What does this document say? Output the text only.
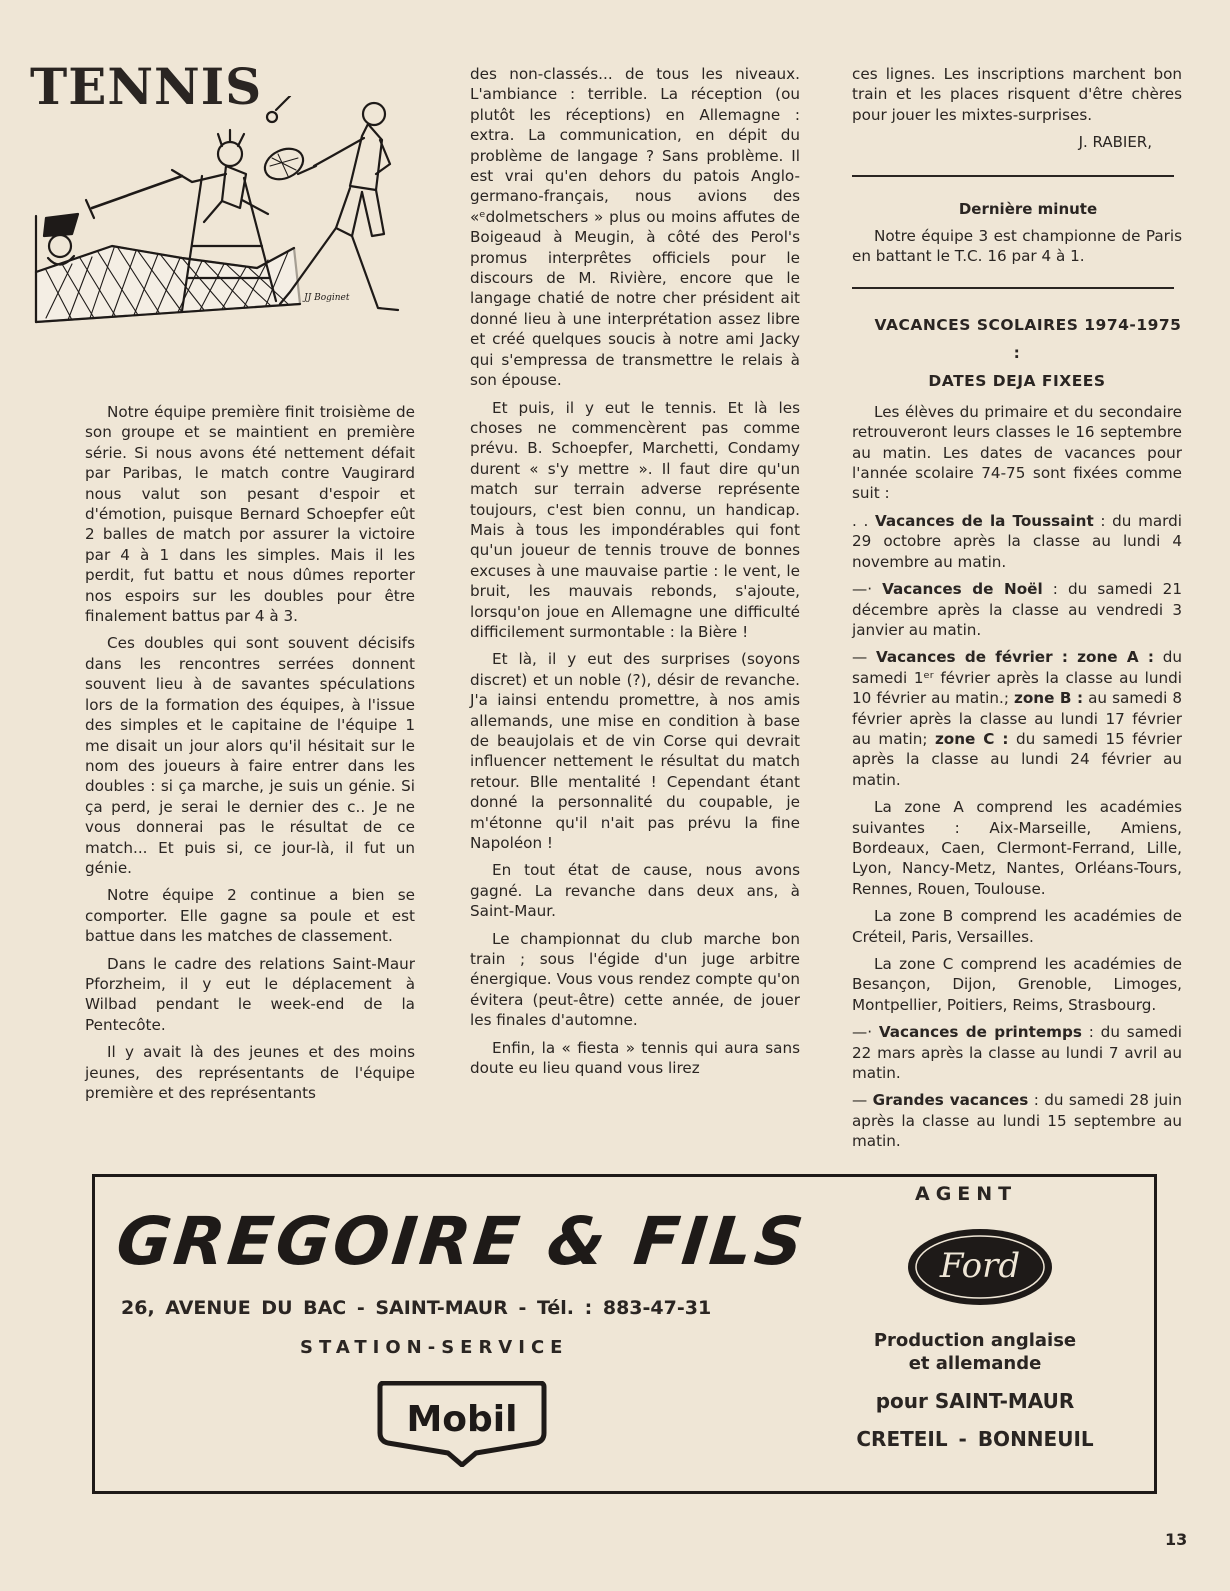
TENNIS
JJ Boginet

Notre équipe première finit troisième de son groupe et se maintient en première série. Si nous avons été nettement défait par Paribas, le match contre Vaugirard nous valut son pesant d'espoir et d'émotion, puisque Bernard Schoepfer eût 2 balles de match por assurer la victoire par 4 à 1 dans les simples. Mais il les perdit, fut battu et nous dûmes reporter nos espoirs sur les doubles pour être finalement battus par 4 à 3.

Ces doubles qui sont souvent décisifs dans les rencontres serrées donnent souvent lieu à de savantes spéculations lors de la formation des équipes, à l'issue des simples et le capitaine de l'équipe 1 me disait un jour alors qu'il hésitait sur le nom des joueurs à faire entrer dans les doubles : si ça marche, je suis un génie. Si ça perd, je serai le dernier des c.. Je ne vous donnerai pas le résultat de ce match... Et puis si, ce jour-là, il fut un génie.

Notre équipe 2 continue a bien se comporter. Elle gagne sa poule et est battue dans les matches de classement.

Dans le cadre des relations Saint-Maur Pforzheim, il y eut le déplacement à Wilbad pendant le week-end de la Pentecôte.

Il y avait là des jeunes et des moins jeunes, des représentants de l'équipe première et des représentants

des non-classés... de tous les niveaux. L'ambiance : terrible. La réception (ou plutôt les réceptions) en Allemagne : extra. La communication, en dépit du problème de langage ? Sans problème. Il est vrai qu'en dehors du patois Anglo-germano-français, nous avions des «ᵉdolmetschers » plus ou moins affutes de Boigeaud à Meugin, à côté des Perol's promus interprêtes officiels pour le discours de M. Rivière, encore que le langage chatié de notre cher président ait donné lieu à une interprétation assez libre et créé quelques soucis à notre ami Jacky qui s'empressa de transmettre le relais à son épouse.

Et puis, il y eut le tennis. Et là les choses ne commencèrent pas comme prévu. B. Schoepfer, Marchetti, Condamy durent « s'y mettre ». Il faut dire qu'un match sur terrain adverse représente toujours, c'est bien connu, un handicap. Mais à tous les impondérables qui font qu'un joueur de tennis trouve de bonnes excuses à une mauvaise partie : le vent, le bruit, les mauvais rebonds, s'ajoute, lorsqu'on joue en Allemagne une difficulté difficilement surmontable : la Bière !

Et là, il y eut des surprises (soyons discret) et un noble (?), désir de revanche. J'a iainsi entendu promettre, à nos amis allemands, une mise en condition à base de beaujolais et de vin Corse qui devrait influencer nettement le résultat du match retour. Blle mentalité ! Cependant étant donné la personnalité du coupable, je m'étonne qu'il n'ait pas prévu la fine Napoléon !

En tout état de cause, nous avons gagné. La revanche dans deux ans, à Saint-Maur.

Le championnat du club marche bon train ; sous l'égide d'un juge arbitre énergique. Vous vous rendez compte qu'on évitera (peut-être) cette année, de jouer les finales d'automne.

Enfin, la « fiesta » tennis qui aura sans doute eu lieu quand vous lirez

ces lignes. Les inscriptions marchent bon train et les places risquent d'être chères pour jouer les mixtes-surprises.

J. RABIER,

Dernière minute

Notre équipe 3 est championne de Paris en battant le T.C. 16 par 4 à 1.

VACANCES SCOLAIRES 1974-1975 :
DATES DEJA FIXEES

Les élèves du primaire et du secondaire retrouveront leurs classes le 16 septembre au matin. Les dates de vacances pour l'année scolaire 74-75 sont fixées comme suit :

. . Vacances de la Toussaint : du mardi 29 octobre après la classe au lundi 4 novembre au matin.

—· Vacances de Noël : du samedi 21 décembre après la classe au vendredi 3 janvier au matin.

— Vacances de février : zone A : du samedi 1ᵉʳ février après la classe au lundi 10 février au matin.; zone B : au samedi 8 février après la classe au lundi 17 février au matin; zone C : du samedi 15 février après la classe au lundi 24 février au matin.

La zone A comprend les académies suivantes : Aix-Marseille, Amiens, Bordeaux, Caen, Clermont-Ferrand, Lille, Lyon, Nancy-Metz, Nantes, Orléans-Tours, Rennes, Rouen, Toulouse.

La zone B comprend les académies de Créteil, Paris, Versailles.

La zone C comprend les académies de Besançon, Dijon, Grenoble, Limoges, Montpellier, Poitiers, Reims, Strasbourg.

—· Vacances de printemps : du samedi 22 mars après la classe au lundi 7 avril au matin.

— Grandes vacances : du samedi 28 juin après la classe au lundi 15 septembre au matin.

GREGOIRE & FILS
26, AVENUE DU BAC - SAINT-MAUR - Tél. : 883-47-31
STATION-SERVICE
Mobil
AGENT
Ford
Production anglaise
et allemande
pour SAINT-MAUR
CRETEIL - BONNEUIL
13
